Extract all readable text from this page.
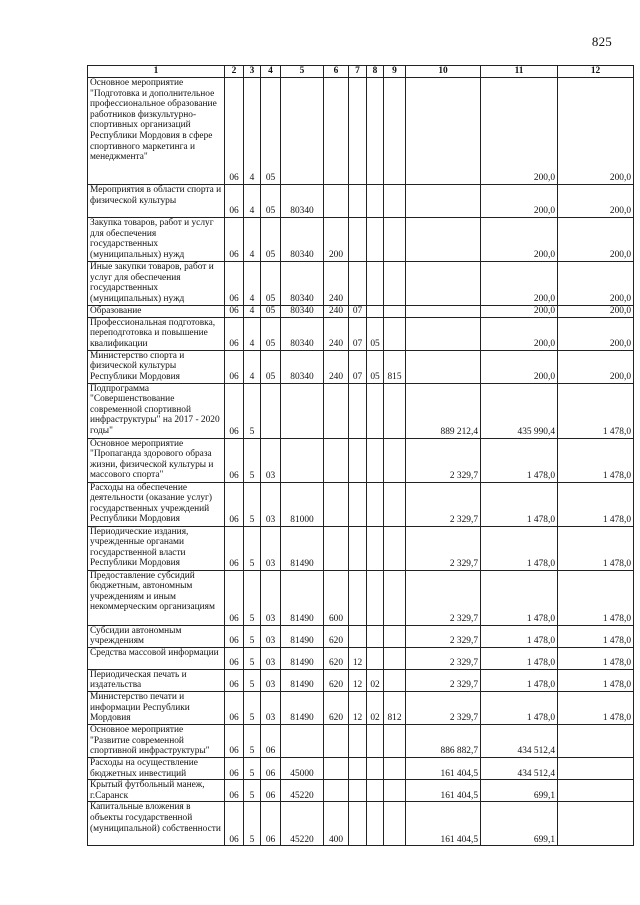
825
1	2	3	4	5	6	7	8	9	10	11	12
Основное мероприятие "Подготовка и дополнительное профессиональное образование работников физкультурно-спортивных организаций Республики Мордовия в сфере спортивного маркетинга и менеджмента"	06	4	05							200,0	200,0
Мероприятия в области спорта и физической культуры	06	4	05	80340						200,0	200,0
Закупка товаров, работ и услуг для обеспечения государственных (муниципальных) нужд	06	4	05	80340	200					200,0	200,0
Иные закупки товаров, работ и услуг для обеспечения государственных (муниципальных) нужд	06	4	05	80340	240					200,0	200,0
Образование	06	4	05	80340	240	07				200,0	200,0
Профессиональная подготовка, переподготовка и повышение квалификации	06	4	05	80340	240	07	05			200,0	200,0
Министерство спорта и физической культуры Республики Мордовия	06	4	05	80340	240	07	05	815		200,0	200,0
Подпрограмма "Совершенствование современной спортивной инфраструктуры" на 2017 - 2020 годы"	06	5							889 212,4	435 990,4	1 478,0
Основное мероприятие "Пропаганда здорового образа жизни, физической культуры и массового спорта"	06	5	03						2 329,7	1 478,0	1 478,0
Расходы на обеспечение деятельности (оказание услуг) государственных учреждений Республики Мордовия	06	5	03	81000					2 329,7	1 478,0	1 478,0
Периодические издания, учрежденные органами государственной власти Республики Мордовия	06	5	03	81490					2 329,7	1 478,0	1 478,0
Предоставление субсидий бюджетным, автономным учреждениям и иным некоммерческим организациям	06	5	03	81490	600				2 329,7	1 478,0	1 478,0
Субсидии автономным учреждениям	06	5	03	81490	620				2 329,7	1 478,0	1 478,0
Средства массовой информации	06	5	03	81490	620	12			2 329,7	1 478,0	1 478,0
Периодическая печать и издательства	06	5	03	81490	620	12	02		2 329,7	1 478,0	1 478,0
Министерство печати и информации Республики Мордовия	06	5	03	81490	620	12	02	812	2 329,7	1 478,0	1 478,0
Основное мероприятие "Развитие современной спортивной инфраструктуры"	06	5	06						886 882,7	434 512,4	
Расходы на осуществление бюджетных инвестиций	06	5	06	45000					161 404,5	434 512,4	
Крытый футбольный манеж, г.Саранск	06	5	06	45220					161 404,5	699,1	
Капитальные вложения в объекты государственной (муниципальной) собственности	06	5	06	45220	400				161 404,5	699,1	
